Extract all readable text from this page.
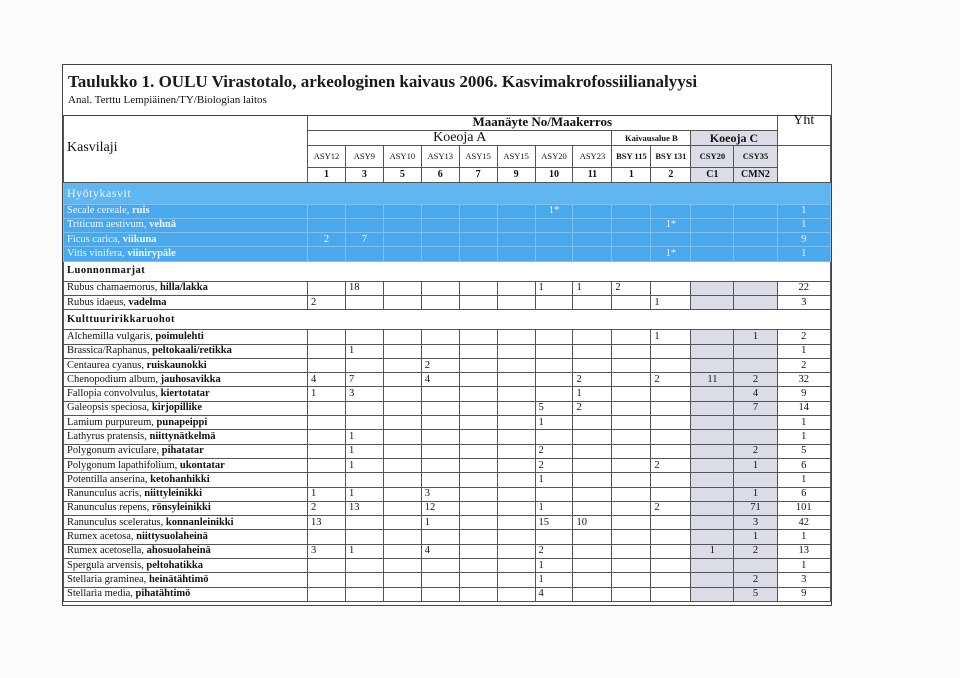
Taulukko 1. OULU Virastotalo, arkeologinen kaivaus 2006. Kasvimakrofossiilianalyysi
Anal. Terttu Lempiäinen/TY/Biologian laitos
Kasvilaji	Maanäyte No/Maakerros												Yht
	Koeoja A								Kaivausalue B		Koeoja C		
	ASY12	ASY9	ASY10	ASY13	ASY15	ASY15	ASY20	ASY23	BSY 115	BSY 131	CSY20	CSY35	
	1	3	5	6	7	9	10	11	1	2	C1	CMN2	
Hyötykasvit													
Secale cereale, ruis							1*						1
Triticum aestivum, vehnä										1*			1
Ficus carica, viikuna	2	7											9
Vitis vinifera, viinirypäle										1*			1
Luonnonmarjat													
Rubus chamaemorus, hilla/lakka		18					1	1	2				22
Rubus idaeus, vadelma	2									1			3
Kulttuuririkkaruohot													
Alchemilla vulgaris, poimulehti										1		1	2
Brassica/Raphanus, peltokaali/retikka		1											1
Centaurea cyanus, ruiskaunokki				2									2
Chenopodium album, jauhosavikka	4	7		4				2		2	11	2	32
Fallopia convolvulus, kiertotatar	1	3						1				4	9
Galeopsis speciosa, kirjopillike							5	2				7	14
Lamium purpureum, punapeippi							1						1
Lathyrus pratensis, niittynätkelmä		1											1
Polygonum aviculare, pihatatar		1					2					2	5
Polygonum lapathifolium, ukontatar		1					2			2		1	6
Potentilla anserina, ketohanhikki							1						1
Ranunculus acris, niittyleinikki	1	1		3								1	6
Ranunculus repens, rönsyleinikki	2	13		12			1			2		71	101
Ranunculus sceleratus, konnanleinikki	13			1			15	10				3	42
Rumex acetosa, niittysuolaheinä												1	1
Rumex acetosella, ahosuolaheinä	3	1		4			2				1	2	13
Spergula arvensis, peltohatikka							1						1
Stellaria graminea, heinätähtimö							1					2	3
Stellaria media, pihatähtimö							4					5	9
